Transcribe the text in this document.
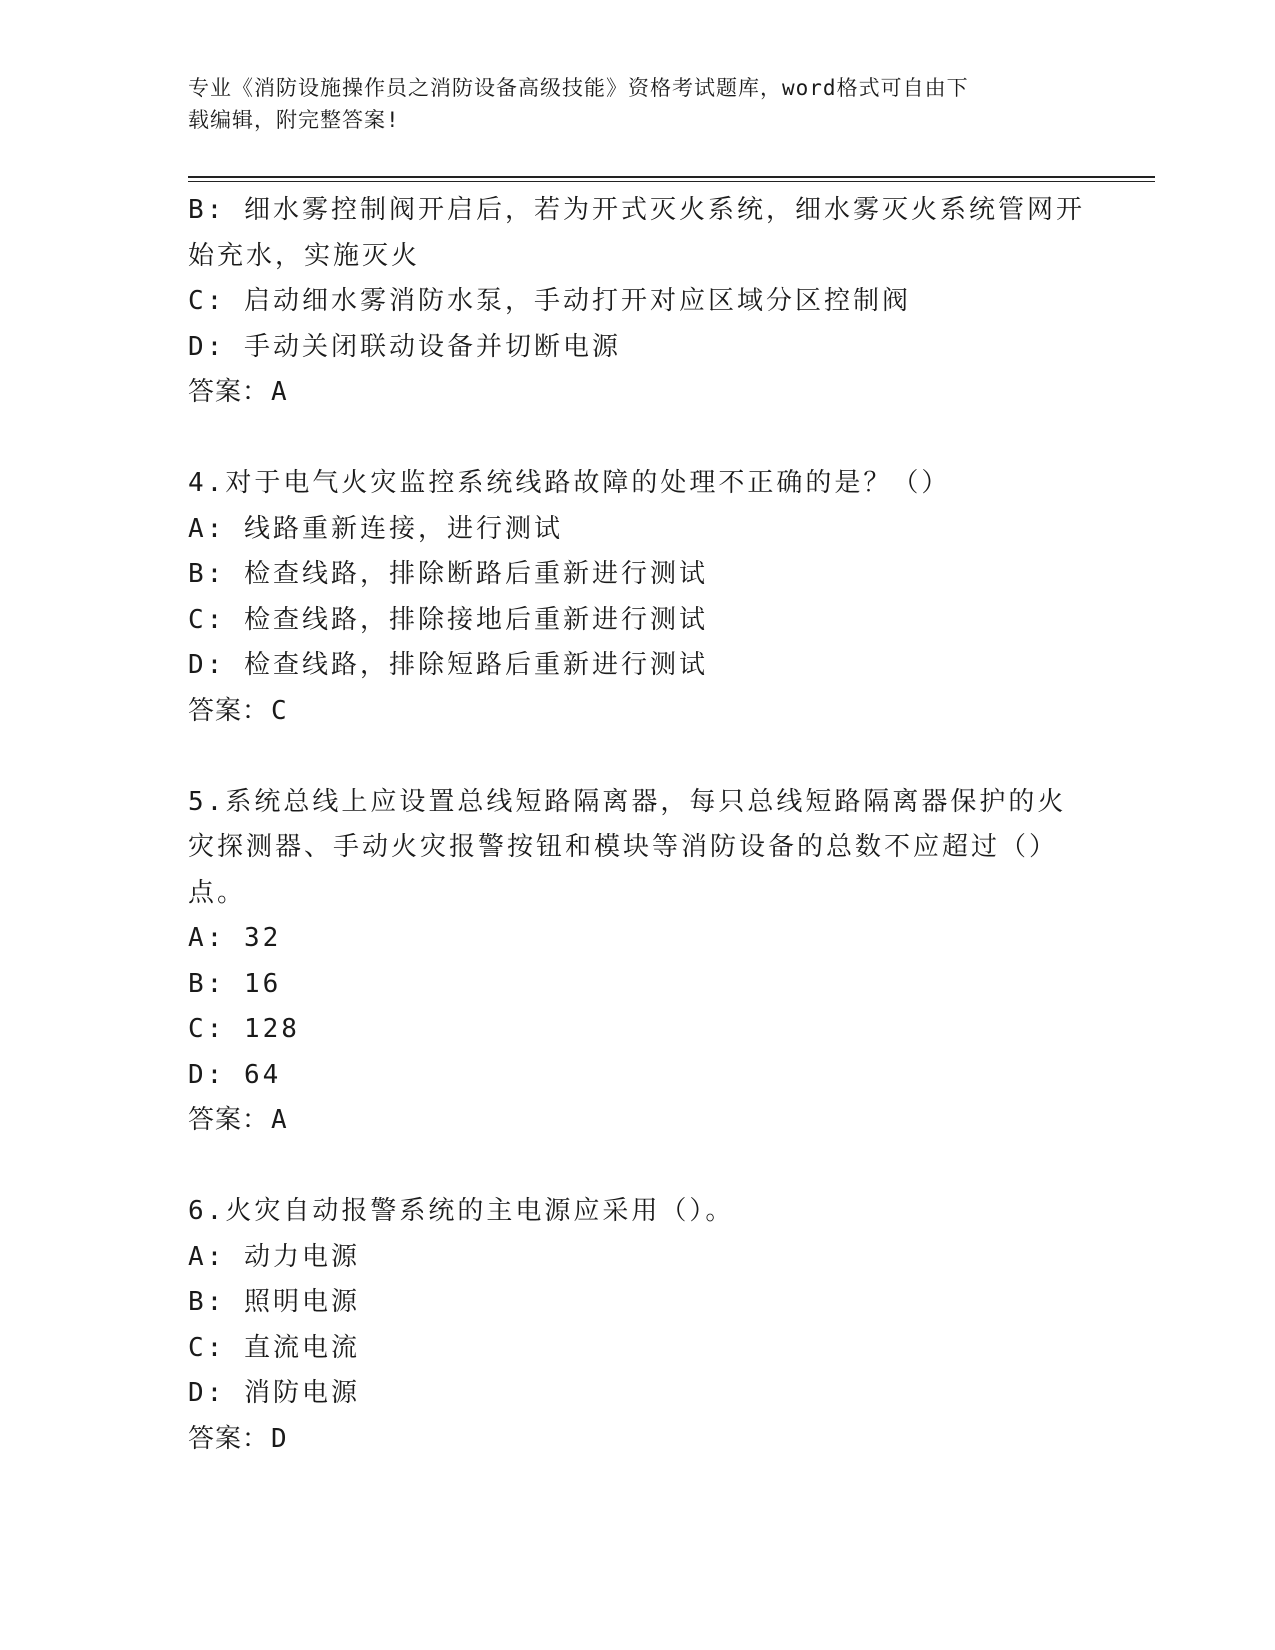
专业《消防设施操作员之消防设备高级技能》资格考试题库，word格式可自由下
载编辑，附完整答案!
B: 细水雾控制阀开启后，若为开式灭火系统，细水雾灭火系统管网开
始充水，实施灭火
C: 启动细水雾消防水泵，手动打开对应区域分区控制阀
D: 手动关闭联动设备并切断电源
答案：A
4.对于电气火灾监控系统线路故障的处理不正确的是？（）
A: 线路重新连接，进行测试
B: 检查线路，排除断路后重新进行测试
C: 检查线路，排除接地后重新进行测试
D: 检查线路，排除短路后重新进行测试
答案：C
5.系统总线上应设置总线短路隔离器，每只总线短路隔离器保护的火
灾探测器、手动火灾报警按钮和模块等消防设备的总数不应超过（）
点。
A: 32
B: 16
C: 128
D: 64
答案：A
6.火灾自动报警系统的主电源应采用（）。
A: 动力电源
B: 照明电源
C: 直流电流
D: 消防电源
答案：D
